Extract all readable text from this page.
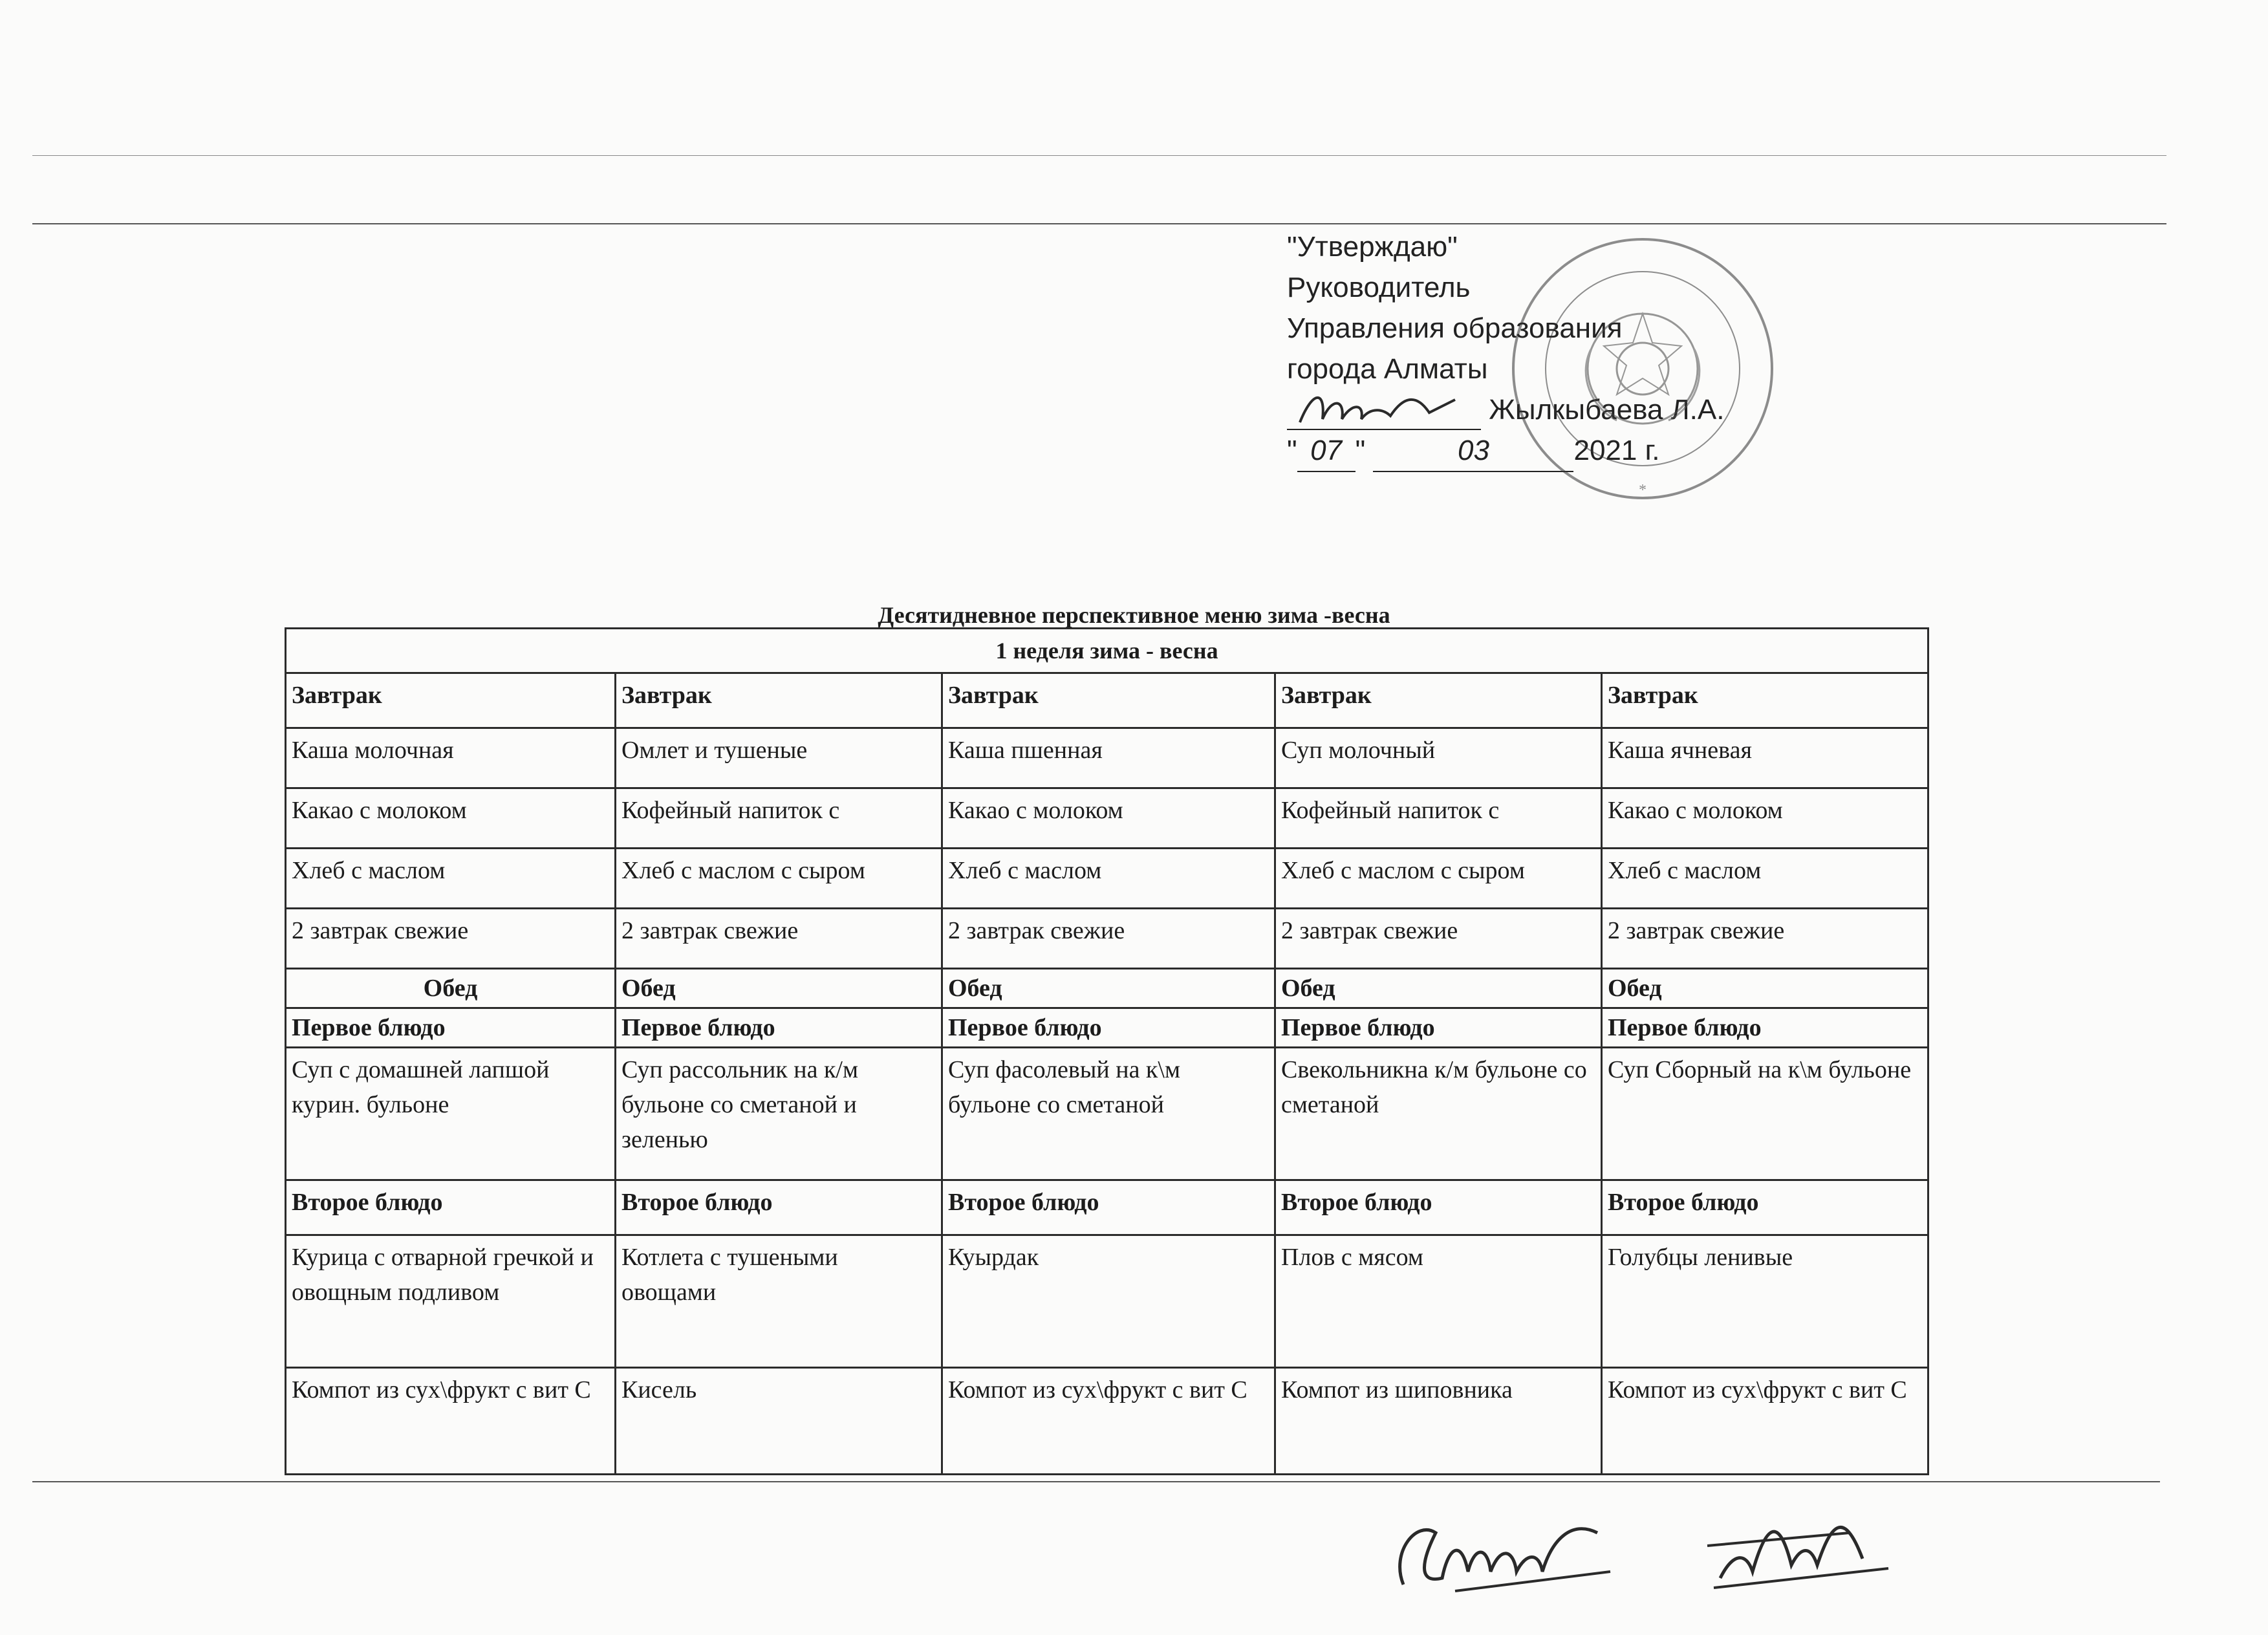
"Утверждаю"
Руководитель
Управления образования
города Алматы
Жылкыбаева Л.А.
" 07 "	03	2021 г.
*
Десятидневное перспективное меню зима -весна
1 неделя зима - весна				
Завтрак	Завтрак	Завтрак	Завтрак	Завтрак
Каша молочная	Омлет и тушеные	Каша пшенная	Суп молочный	Каша ячневая
Какао с молоком	Кофейный напиток с	Какао с молоком	Кофейный напиток с	Какао с молоком
Хлеб с маслом	Хлеб с маслом с сыром	Хлеб с маслом	Хлеб с маслом с сыром	Хлеб с маслом
2 завтрак свежие	2 завтрак свежие	2 завтрак свежие	2 завтрак свежие	2 завтрак свежие
Обед	Обед	Обед	Обед	Обед
Первое блюдо	Первое блюдо	Первое блюдо	Первое блюдо	Первое блюдо
Суп с домашней лапшой курин. бульоне	Суп рассольник на к/м бульоне со сметаной и зеленью	Суп фасолевый на к\м бульоне со сметаной	Свекольникна к/м бульоне со сметаной	Суп Сборный на к\м бульоне
Второе блюдо	Второе блюдо	Второе блюдо	Второе блюдо	Второе блюдо
Курица с отварной гречкой и овощным подливом	Котлета с тушеными овощами	Куырдак	Плов с мясом	Голубцы ленивые
Компот из сух\фрукт с вит С	Кисель	Компот из сух\фрукт с вит С	Компот из шиповника	Компот из сух\фрукт с вит С
